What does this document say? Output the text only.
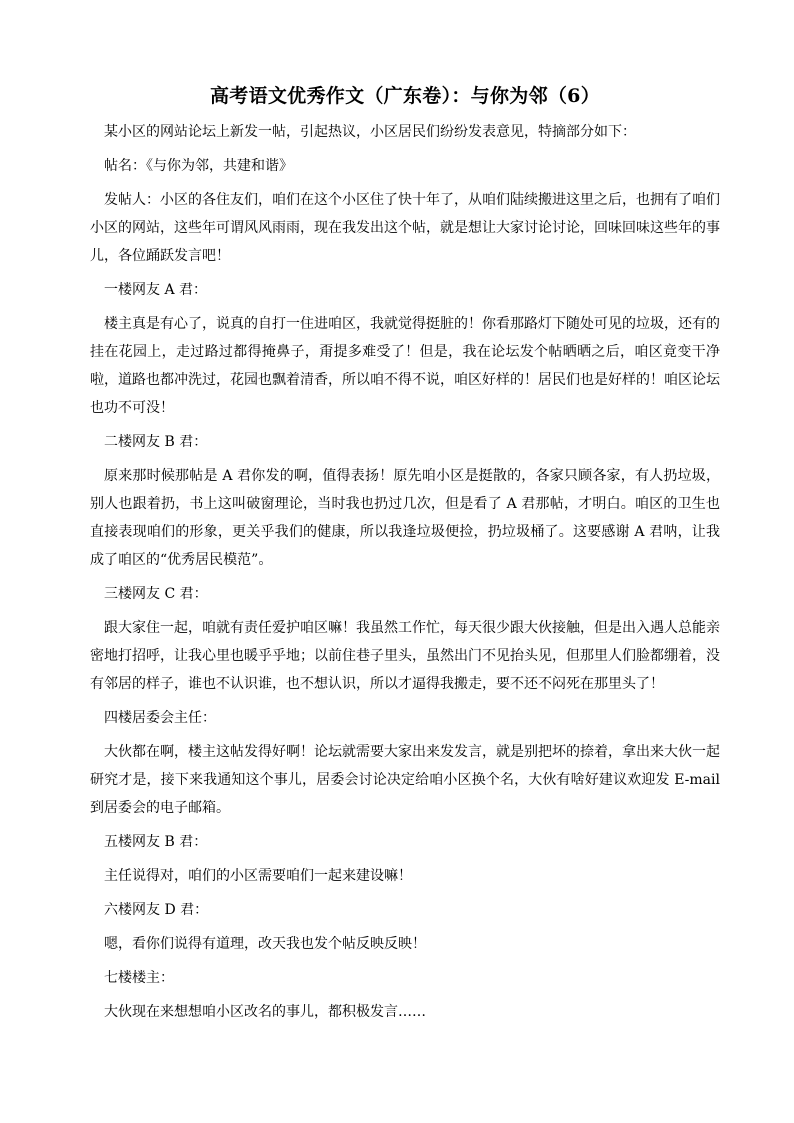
高考语文优秀作文（广东卷）：与你为邻（6）

某小区的网站论坛上新发一帖，引起热议，小区居民们纷纷发表意见，特摘部分如下：

帖名：《与你为邻，共建和谐》

发帖人：小区的各住友们，咱们在这个小区住了快十年了，从咱们陆续搬进这里之后，也拥有了咱们小区的网站，这些年可谓风风雨雨，现在我发出这个帖，就是想让大家讨论讨论，回味回味这些年的事儿，各位踊跃发言吧！

一楼网友 A 君：

楼主真是有心了，说真的自打一住进咱区，我就觉得挺脏的！你看那路灯下随处可见的垃圾，还有的挂在花园上，走过路过都得掩鼻子，甭提多难受了！但是，我在论坛发个帖晒晒之后，咱区竟变干净啦，道路也都冲洗过，花园也飘着清香，所以咱不得不说，咱区好样的！居民们也是好样的！咱区论坛也功不可没！

二楼网友 B 君：

原来那时候那帖是 A 君你发的啊，值得表扬！原先咱小区是挺散的，各家只顾各家，有人扔垃圾，别人也跟着扔，书上这叫破窗理论，当时我也扔过几次，但是看了 A 君那帖，才明白。咱区的卫生也直接表现咱们的形象，更关乎我们的健康，所以我逢垃圾便捡，扔垃圾桶了。这要感谢 A 君呐，让我成了咱区的“优秀居民模范”。

三楼网友 C 君：

跟大家住一起，咱就有责任爱护咱区嘛！我虽然工作忙，每天很少跟大伙接触，但是出入遇人总能亲密地打招呼，让我心里也暖乎乎地；以前住巷子里头，虽然出门不见抬头见，但那里人们脸都绷着，没有邻居的样子，谁也不认识谁，也不想认识，所以才逼得我搬走，要不还不闷死在那里头了！

四楼居委会主任：

大伙都在啊，楼主这帖发得好啊！论坛就需要大家出来发发言，就是别把坏的捺着，拿出来大伙一起研究才是，接下来我通知这个事儿，居委会讨论决定给咱小区换个名，大伙有啥好建议欢迎发 E-mail 到居委会的电子邮箱。

五楼网友 B 君：

主任说得对，咱们的小区需要咱们一起来建设嘛！

六楼网友 D 君：

嗯，看你们说得有道理，改天我也发个帖反映反映！

七楼楼主：

大伙现在来想想咱小区改名的事儿，都积极发言……
